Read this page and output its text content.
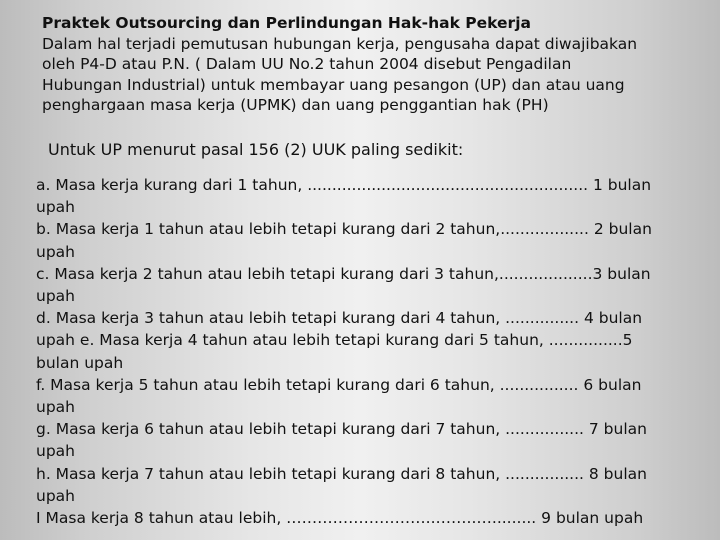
Praktek Outsourcing dan Perlindungan Hak-hak Pekerja
Dalam hal terjadi pemutusan hubungan kerja, pengusaha dapat diwajibakan
oleh P4-D atau P.N. ( Dalam UU No.2 tahun 2004 disebut Pengadilan
Hubungan Industrial) untuk membayar uang pesangon (UP) dan atau uang
penghargaan masa kerja (UPMK) dan uang penggantian hak (PH)
Untuk UP menurut pasal 156 (2) UUK paling sedikit:
a. Masa kerja kurang dari 1 tahun, ......................................................... 1 bulan
upah
b. Masa kerja 1 tahun atau lebih tetapi kurang dari 2 tahun,.................. 2 bulan
upah
c. Masa kerja 2 tahun atau lebih tetapi kurang dari 3 tahun,...................3 bulan
upah
d. Masa kerja 3 tahun atau lebih tetapi kurang dari 4 tahun, ............... 4 bulan
upah e. Masa kerja 4 tahun atau lebih tetapi kurang dari 5 tahun, ...............5
bulan upah
f. Masa kerja 5 tahun atau lebih tetapi kurang dari 6 tahun, ................ 6 bulan
upah
g. Masa kerja 6 tahun atau lebih tetapi kurang dari 7 tahun, ................ 7 bulan
upah
h. Masa kerja 7 tahun atau lebih tetapi kurang dari 8 tahun, ................ 8 bulan
upah
I Masa kerja 8 tahun atau lebih, ………………………..……..…......... 9 bulan upah
